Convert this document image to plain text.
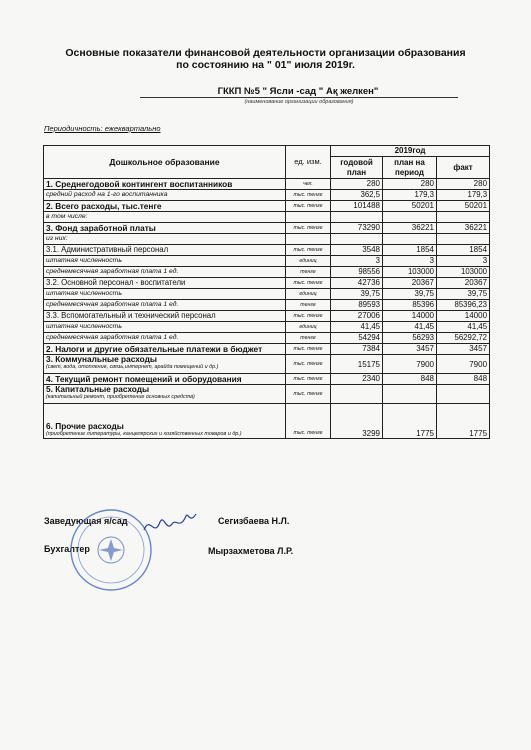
Основные показатели финансовой деятельности организации образования
по состоянию на " 01" июля 2019г.
ГККП №5 " Ясли -сад " Ақ желкен"
(наименование организации образования)
Периодичность: ежеквартально
Дошкольное образование	ед. изм.	2019год		
		годовой план	план на период	факт
1. Среднегодовой контингент воспитанников	чел.	280	280	280
средний расход на 1-го воспитанника	тыс. тенге	362,5	179,3	179,3
2. Всего расходы, тыс.тенге	тыс. тенге	101488	50201	50201
в том числе:				
3. Фонд заработной платы	тыс. тенге	73290	36221	36221
из них:				
3.1. Административный персонал	тыс. тенге	3548	1854	1854
штатная численность	единиц	3	3	3
среднемесячная заработная плата 1 ед.	тенге	98556	103000	103000
3.2. Основной персонал - воспитатели	тыс. тенге	42736	20367	20367
штатная численность	единиц	39,75	39,75	39,75
среднемесячная заработная плата 1 ед.	тенге	89593	85396	85396,23
3.3. Вспомогательный и технический персонал	тыс. тенге	27006	14000	14000
штатная численность	единиц	41,45	41,45	41,45
среднемесячная заработная плата 1 ед.	тенге	54294	56293	56292,72
2. Налоги и другие обязательные платежи в бюджет	тыс. тенге	7384	3457	3457
3. Коммунальные расходы
(свет, вода, отопление, связь,интернет, арайда помещений и др.)	тыс. тенге	15175	7900	7900
4. Текущий ремонт помещений и оборудования	тыс. тенге	2340	848	848
5. Капитальные расходы
(капитальный ремонт, приобретение основных средств)	тыс. тенге			
6. Прочие расходы
(приобретение литературы, канцелярских и хозяйственных товаров и др.)	тыс. тенге	3299	1775	1775
Заведующая я/сад	Сегизбаева Н.Л.
Бухгалтер	Мырзахметова Л.Р.
